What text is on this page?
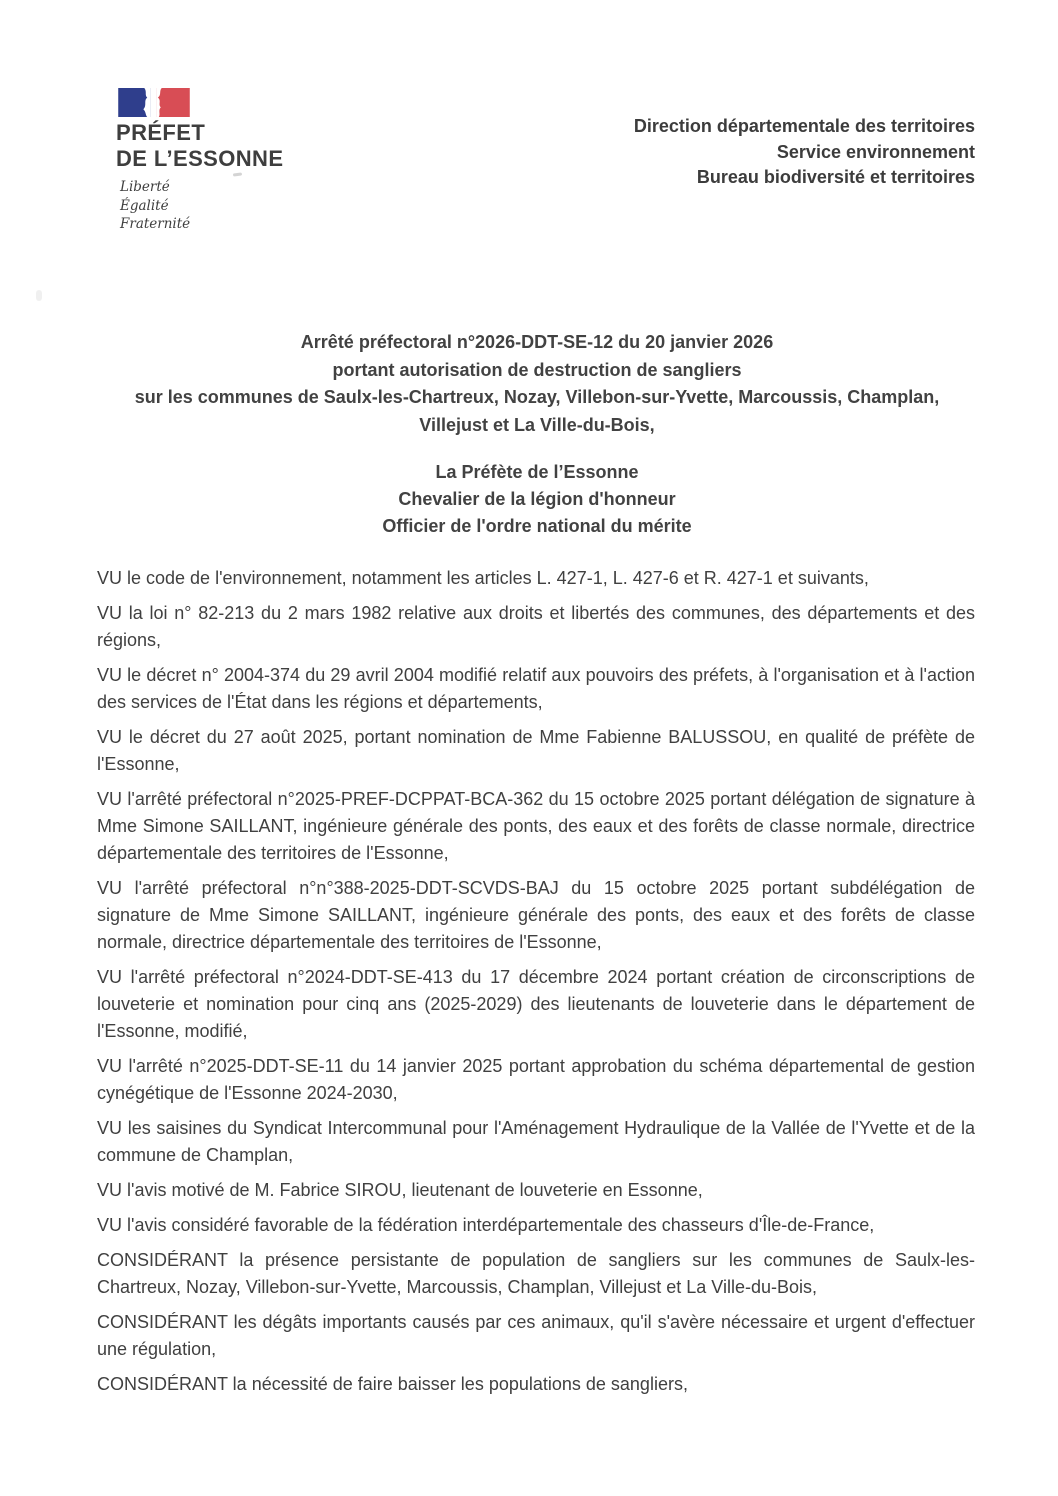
PRÉFET
DE L’ESSONNE
Liberté
Égalité
Fraternité
Direction départementale des territoires
Service environnement
Bureau biodiversité et territoires
Arrêté préfectoral n°2026-DDT-SE-12 du 20 janvier 2026
portant autorisation de destruction de sangliers
sur les communes de Saulx-les-Chartreux, Nozay, Villebon-sur-Yvette, Marcoussis, Champlan,
Villejust et La Ville-du-Bois,
La Préfète de l’Essonne
Chevalier de la légion d'honneur
Officier de l'ordre national du mérite

VU le code de l'environnement, notamment les articles L. 427-1, L. 427-6 et R. 427-1 et suivants,

VU la loi n° 82-213 du 2 mars 1982 relative aux droits et libertés des communes, des départements et des régions,

VU le décret n° 2004-374 du 29 avril 2004 modifié relatif aux pouvoirs des préfets, à l'organisation et à l'action des services de l'État dans les régions et départements,

VU le décret du 27 août 2025, portant nomination de Mme Fabienne BALUSSOU, en qualité de préfète de l'Essonne,

VU l'arrêté préfectoral n°2025-PREF-DCPPAT-BCA-362 du 15 octobre 2025 portant délégation de signature à Mme Simone SAILLANT, ingénieure générale des ponts, des eaux et des forêts de classe normale, directrice départementale des territoires de l'Essonne,

VU l'arrêté préfectoral n°n°388-2025-DDT-SCVDS-BAJ du 15 octobre 2025 portant subdélégation de signature de Mme Simone SAILLANT, ingénieure générale des ponts, des eaux et des forêts de classe normale, directrice départementale des territoires de l'Essonne,

VU l'arrêté préfectoral n°2024-DDT-SE-413 du 17 décembre 2024 portant création de circonscriptions de louveterie et nomination pour cinq ans (2025-2029) des lieutenants de louveterie dans le département de l'Essonne, modifié,

VU l'arrêté n°2025-DDT-SE-11 du 14 janvier 2025 portant approbation du schéma départemental de gestion cynégétique de l'Essonne 2024-2030,

VU les saisines du Syndicat Intercommunal pour l'Aménagement Hydraulique de la Vallée de l'Yvette et de la commune de Champlan,

VU l'avis motivé de M. Fabrice SIROU, lieutenant de louveterie en Essonne,

VU l'avis considéré favorable de la fédération interdépartementale des chasseurs d'Île-de-France,

CONSIDÉRANT la présence persistante de population de sangliers sur les communes de Saulx-les-Chartreux, Nozay, Villebon-sur-Yvette, Marcoussis, Champlan, Villejust et La Ville-du-Bois,

CONSIDÉRANT les dégâts importants causés par ces animaux, qu'il s'avère nécessaire et urgent d'effectuer une régulation,

CONSIDÉRANT la nécessité de faire baisser les populations de sangliers,
